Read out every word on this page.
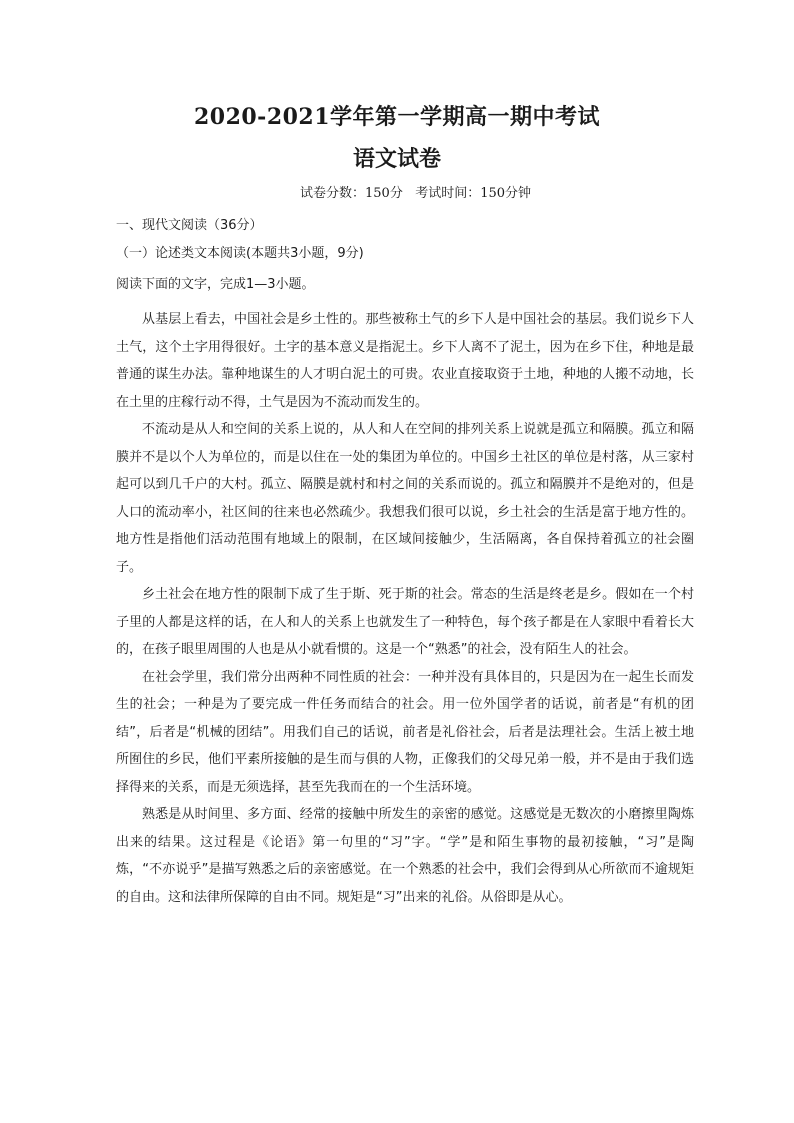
2020-2021学年第一学期高一期中考试
语文试卷
试卷分数：150分   考试时间：150分钟
一、现代文阅读（36分）
（一）论述类文本阅读(本题共3小题，9分)
阅读下面的文字，完成1—3小题。

从基层上看去，中国社会是乡土性的。那些被称土气的乡下人是中国社会的基层。我们说乡下人土气，这个土字用得很好。土字的基本意义是指泥土。乡下人离不了泥土，因为在乡下住，种地是最普通的谋生办法。靠种地谋生的人才明白泥土的可贵。农业直接取资于土地，种地的人搬不动地，长在土里的庄稼行动不得，土气是因为不流动而发生的。

不流动是从人和空间的关系上说的，从人和人在空间的排列关系上说就是孤立和隔膜。孤立和隔膜并不是以个人为单位的，而是以住在一处的集团为单位的。中国乡土社区的单位是村落，从三家村起可以到几千户的大村。孤立、隔膜是就村和村之间的关系而说的。孤立和隔膜并不是绝对的，但是人口的流动率小，社区间的往来也必然疏少。我想我们很可以说，乡土社会的生活是富于地方性的。地方性是指他们活动范围有地域上的限制，在区域间接触少，生活隔离，各自保持着孤立的社会圈子。

乡土社会在地方性的限制下成了生于斯、死于斯的社会。常态的生活是终老是乡。假如在一个村子里的人都是这样的话，在人和人的关系上也就发生了一种特色，每个孩子都是在人家眼中看着长大的，在孩子眼里周围的人也是从小就看惯的。这是一个“熟悉”的社会，没有陌生人的社会。

在社会学里，我们常分出两种不同性质的社会：一种并没有具体目的，只是因为在一起生长而发生的社会；一种是为了要完成一件任务而结合的社会。用一位外国学者的话说，前者是“有机的团结”，后者是“机械的团结”。用我们自己的话说，前者是礼俗社会，后者是法理社会。生活上被土地所囿住的乡民，他们平素所接触的是生而与俱的人物，正像我们的父母兄弟一般，并不是由于我们选择得来的关系，而是无须选择，甚至先我而在的一个生活环境。

熟悉是从时间里、多方面、经常的接触中所发生的亲密的感觉。这感觉是无数次的小磨擦里陶炼出来的结果。这过程是《论语》第一句里的“习”字。“学”是和陌生事物的最初接触，“习”是陶炼，“不亦说乎”是描写熟悉之后的亲密感觉。在一个熟悉的社会中，我们会得到从心所欲而不逾规矩的自由。这和法律所保障的自由不同。规矩是“习”出来的礼俗。从俗即是从心。
